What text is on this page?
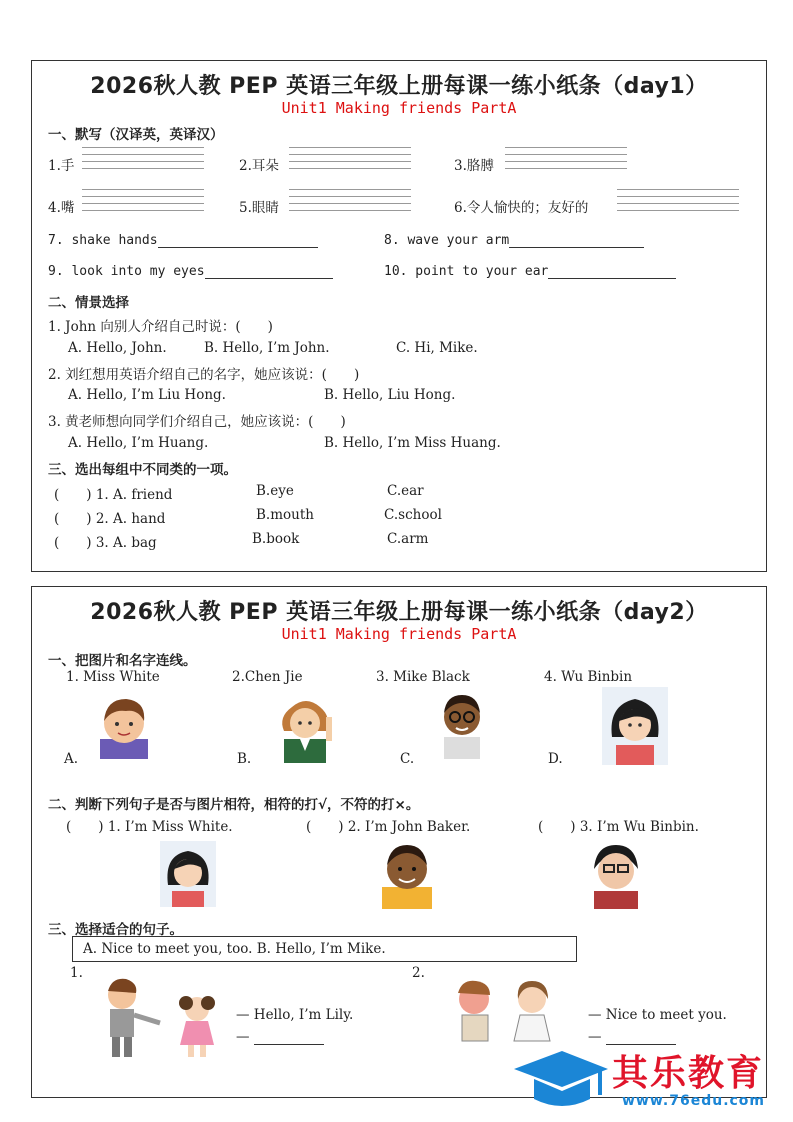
2026秋人教 PEP 英语三年级上册每课一练小纸条（day1）
Unit1 Making friends PartA
一、默写（汉译英，英译汉）
1.手	2.耳朵	3.胳膊
4.嘴	5.眼睛	6.令人愉快的；友好的
7. shake hands	8. wave your arm
9. look into my eyes	10. point to your ear
二、情景选择
1. John 向别人介绍自己时说：(　　)
A. Hello, John.	B. Hello, I’m John.	C. Hi, Mike.
2. 刘红想用英语介绍自己的名字，她应该说：(　　)
A. Hello, I’m Liu Hong.	B. Hello, Liu Hong.
3. 黄老师想向同学们介绍自己，她应该说：(　　)
A. Hello, I’m Huang.	B. Hello, I’m Miss Huang.
三、选出每组中不同类的一项。
(　　) 1. A. friend	B.eye	C.ear
(　　) 2. A. hand	B.mouth	C.school
(　　) 3. A. bag	B.book	C.arm
2026秋人教 PEP 英语三年级上册每课一练小纸条（day2）
Unit1 Making friends PartA
一、把图片和名字连线。
1. Miss White	2.Chen Jie	3. Mike Black	4. Wu Binbin
A.	B.	C.	D.
二、判断下列句子是否与图片相符，相符的打√，不符的打×。
(　　) 1. I’m Miss White.	(　　) 2. I’m John Baker.	(　　) 3. I’m Wu Binbin.
三、选择适合的句子。
A. Nice to meet you, too. B. Hello, I’m Mike.
1.	2.
— Hello, I’m Lily.
—
— Nice to meet you.
—
其乐教育
www.76edu.com
